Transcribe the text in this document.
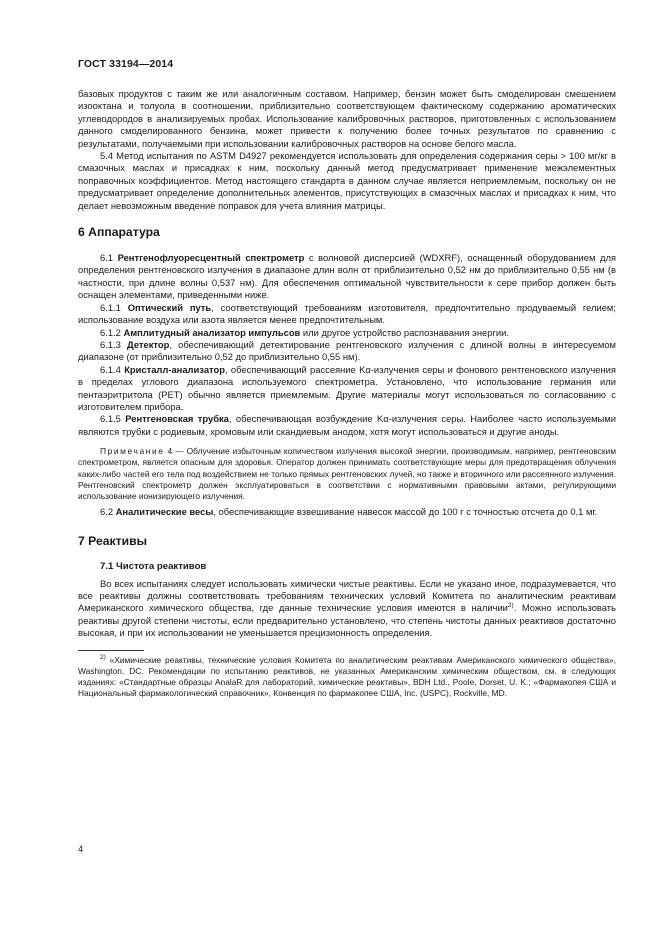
ГОСТ 33194—2014

базовых продуктов с таким же или аналогичным составом. Например, бензин может быть смоделирован смешением изооктана и толуола в соотношении, приблизительно соответствующем фактическому содержанию ароматических углеводородов в анализируемых пробах. Использование калибровочных растворов, приготовленных с использованием данного смоделированного бензина, может привести к получению более точных результатов по сравнению с результатами, получаемыми при использовании калибровочных растворов на основе белого масла.

5.4 Метод испытания по ASTM D4927 рекомендуется использовать для определения содержания серы > 100 мг/кг в смазочных маслах и присадках к ним, поскольку данный метод предусматривает применение межэлементных поправочных коэффициентов. Метод настоящего стандарта в данном случае является неприемлемым, поскольку он не предусматривает определение дополнительных элементов, присутствующих в смазочных маслах и присадках к ним, что делает невозможным введение поправок для учета влияния матрицы.

6 Аппаратура

6.1 Рентгенофлуоресцентный спектрометр с волновой дисперсией (WDXRF), оснащенный оборудованием для определения рентгеновского излучения в диапазоне длин волн от приблизительно 0,52 нм до приблизительно 0,55 нм (в частности, при длине волны 0,537 нм). Для обеспечения оптимальной чувствительности к сере прибор должен быть оснащен элементами, приведенными ниже.

6.1.1 Оптический путь, соответствующий требованиям изготовителя, предпочтительно продуваемый гелием; использование воздуха или азота является менее предпочтительным.

6.1.2 Амплитудный анализатор импульсов или другое устройство распознавания энергии.

6.1.3 Детектор, обеспечивающий детектирование рентгеновского излучения с длиной волны в интересуемом диапазоне (от приблизительно 0,52 до приблизительно 0,55 нм).

6.1.4 Кристалл-анализатор, обеспечивающий рассеяние Kα-излучения серы и фонового рентгеновского излучения в пределах углового диапазона используемого спектрометра. Установлено, что использование германия или пентаэритритола (PET) обычно является приемлемым. Другие материалы могут использоваться по согласованию с изготовителем прибора.

6.1.5 Рентгеновская трубка, обеспечивающая возбуждение Kα-излучения серы. Наиболее часто используемыми являются трубки с родиевым, хромовым или скандиевым анодом, хотя могут использоваться и другие аноды.

Примечание 4 — Облучение избыточным количеством излучения высокой энергии, производимым, например, рентгеновским спектрометром, является опасным для здоровья. Оператор должен принимать соответствующие меры для предотвращения облучения каких-либо частей его тела под воздействием не только прямых рентгеновских лучей, но также и вторичного или рассеянного излучения. Рентгеновский спектрометр должен эксплуатироваться в соответствии с нормативными правовыми актами, регулирующими использование ионизирующего излучения.

6.2 Аналитические весы, обеспечивающие взвешивание навесок массой до 100 г с точностью отсчета до 0,1 мг.

7 Реактивы
7.1 Чистота реактивов

Во всех испытаниях следует использовать химически чистые реактивы. Если не указано иное, подразумевается, что все реактивы должны соответствовать требованиям технических условий Комитета по аналитическим реактивам Американского химического общества, где данные технические условия имеются в наличии$^{2)}$. Можно использовать реактивы другой степени чистоты, если предварительно установлено, что степень чистоты данных реактивов достаточно высокая, и при их использовании не уменьшается прецизионность определения.

$^{2)}$ «Химические реактивы, технические условия Комитета по аналитическим реактивам Американского химического общества», Washington, DC. Рекомендации по испытанию реактивов, не указанных Американским химическим обществом, см. в следующих изданиях: «Стандартные образцы AnalaR для лабораторий, химические реактивы», BDH Ltd., Poole, Dorset, U. K.; «Фармакопея США и Национальный фармакологический справочник», Конвенция по фармакопее США, Inc. (USPC), Rockville, MD.

4
